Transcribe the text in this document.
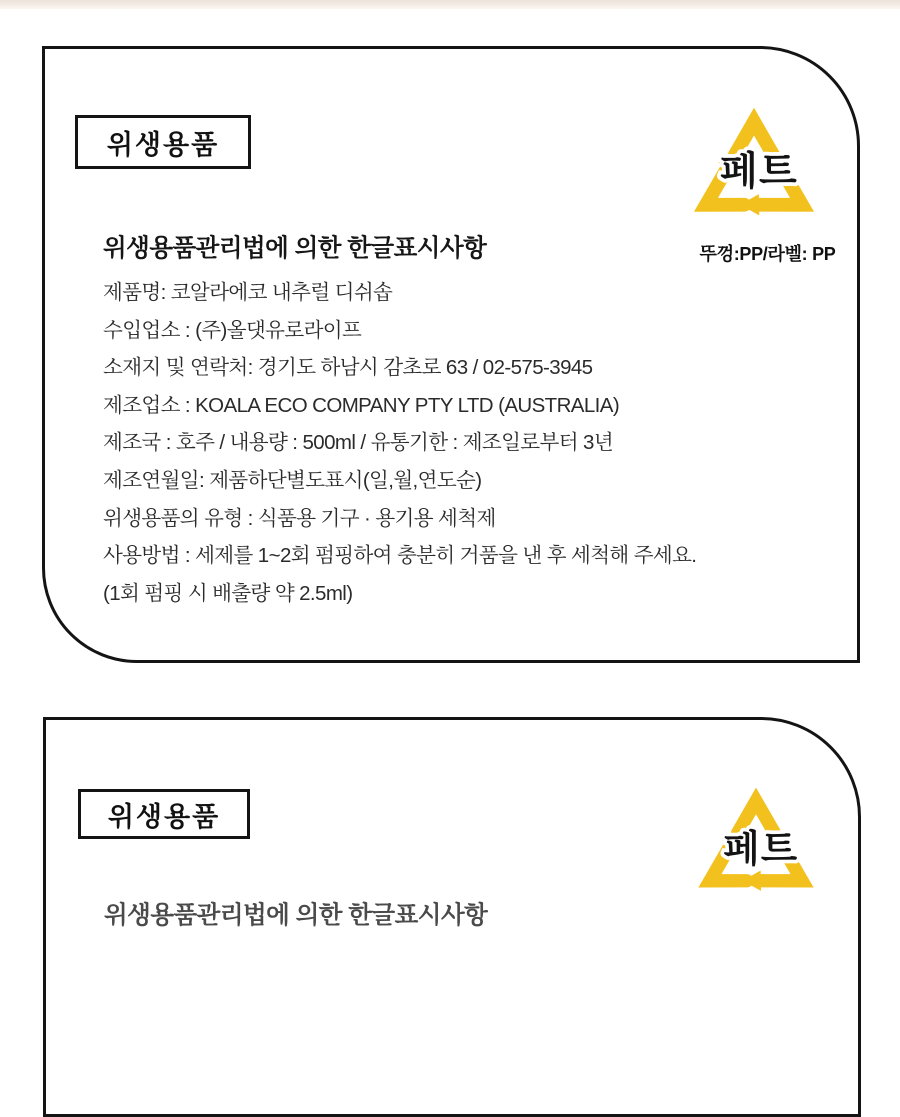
위생용품
페트
뚜껑:PP/라벨: PP
위생용품관리법에 의한 한글표시사항
제품명: 코알라에코 내추럴 디쉬솝
수입업소 : (주)올댓유로라이프
소재지 및 연락처: 경기도 하남시 감초로 63 / 02-575-3945
제조업소 : KOALA ECO COMPANY PTY LTD (AUSTRALIA)
제조국 : 호주 / 내용량 : 500ml / 유통기한 : 제조일로부터 3년
제조연월일: 제품하단별도표시(일,월,연도순)
위생용품의 유형 : 식품용 기구 · 용기용 세척제
사용방법 : 세제를 1~2회 펌핑하여 충분히 거품을 낸 후 세척해 주세요.
(1회 펌핑 시 배출량 약 2.5ml)
위생용품
페트
위생용품관리법에 의한 한글표시사항
